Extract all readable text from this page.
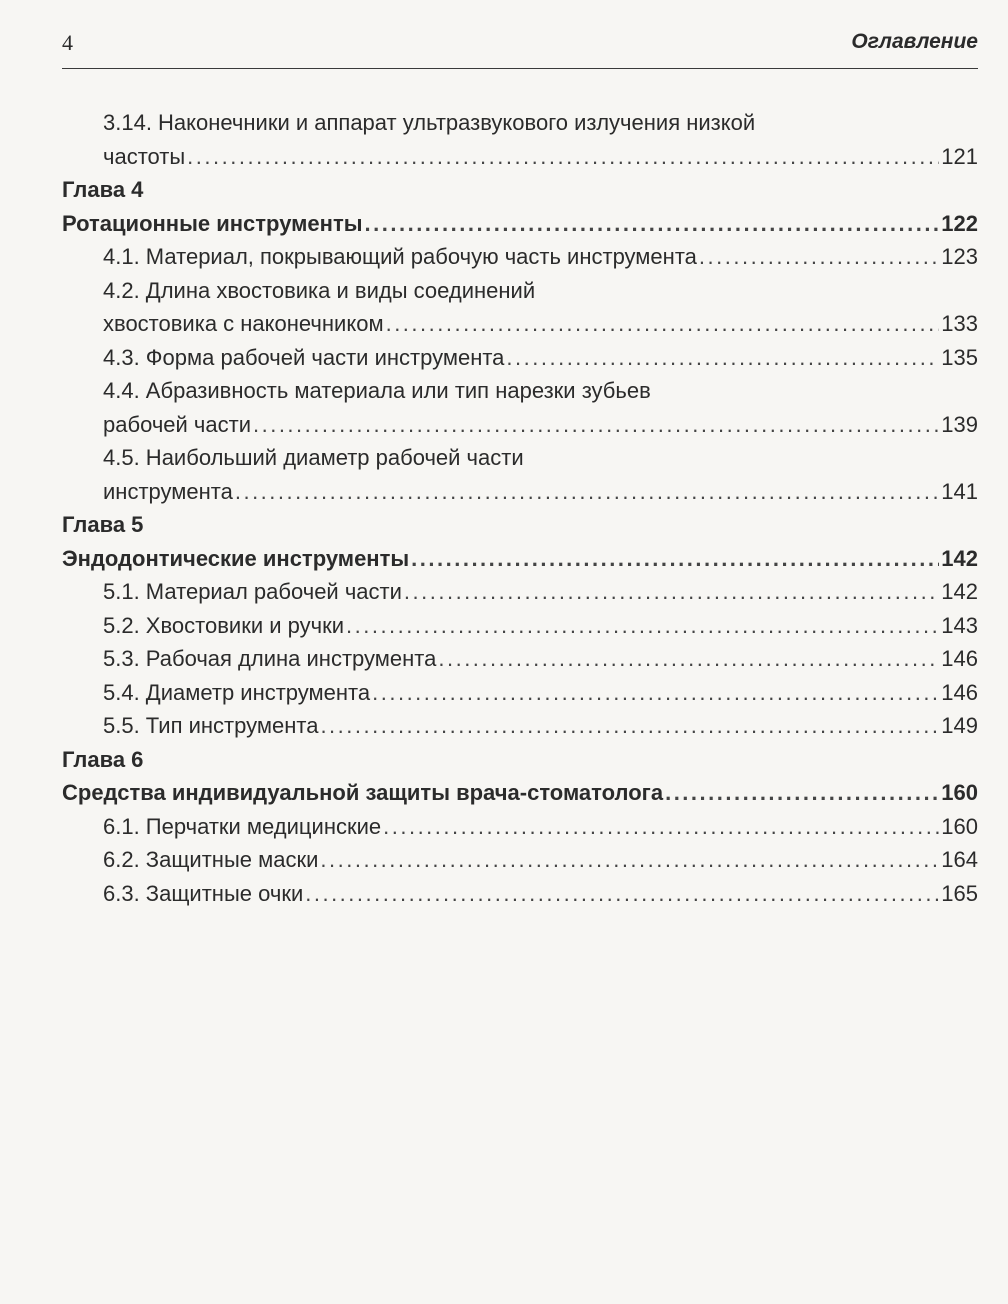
4	Оглавление
3.14. Наконечники и аппарат ультразвукового излучения низкой
частоты .....	121
Глава 4
Ротационные инструменты .....	122
4.1. Материал, покрывающий рабочую часть инструмента .....	123
4.2. Длина хвостовика и виды соединений
хвостовика с наконечником .....	133
4.3. Форма рабочей части инструмента .....	135
4.4. Абразивность материала или тип нарезки зубьев
рабочей части .....	139
4.5. Наибольший диаметр рабочей части
инструмента .....	141
Глава 5
Эндодонтические инструменты .....	142
5.1. Материал рабочей части .....	142
5.2. Хвостовики и ручки .....	143
5.3. Рабочая длина инструмента .....	146
5.4. Диаметр инструмента .....	146
5.5. Тип инструмента .....	149
Глава 6
Средства индивидуальной защиты врача-стоматолога .....	160
6.1. Перчатки медицинские .....	160
6.2. Защитные маски .....	164
6.3. Защитные очки .....	165
